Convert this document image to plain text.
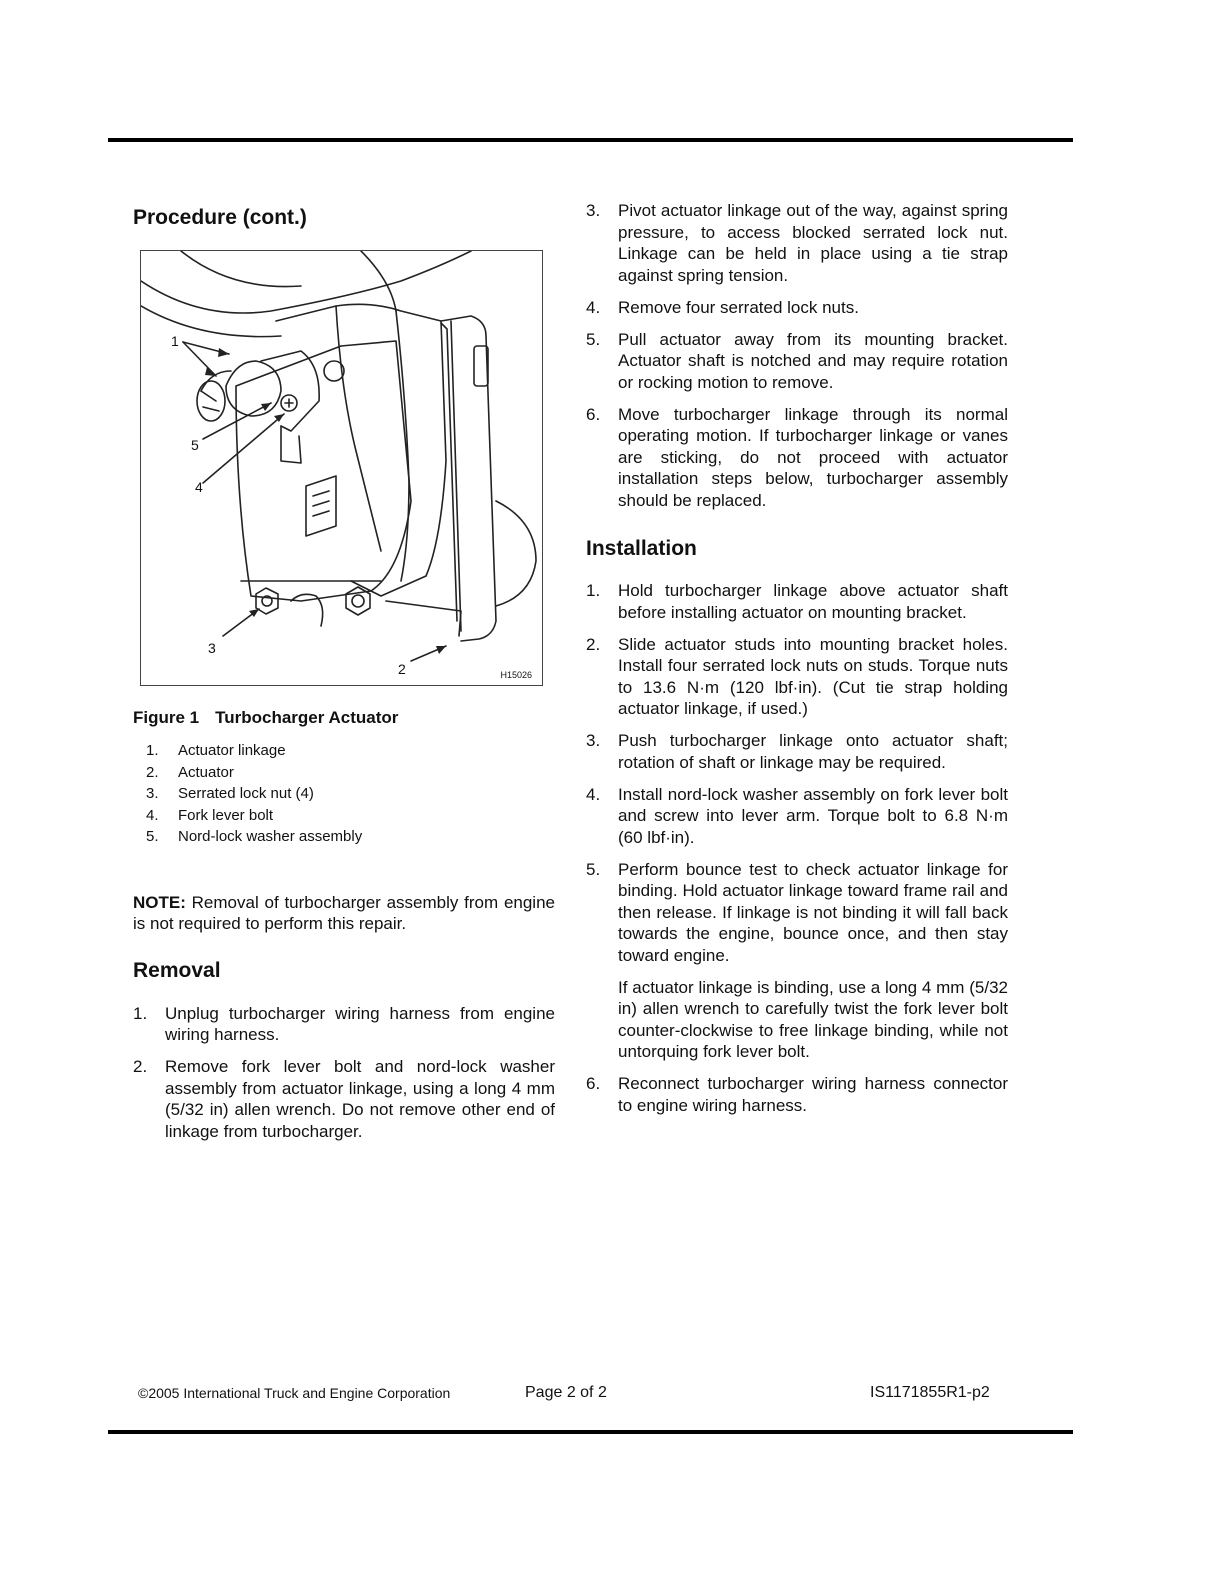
Procedure (cont.)
1
2
3
4
5
H15026
Figure 1 Turbocharger Actuator
1.	Actuator linkage
2.	Actuator
3.	Serrated lock nut (4)
4.	Fork lever bolt
5.	Nord-lock washer assembly

NOTE: Removal of turbocharger assembly from engine is not required to perform this repair.

Removal
1.	Unplug turbocharger wiring harness from engine wiring harness.
2.	Remove fork lever bolt and nord-lock washer assembly from actuator linkage, using a long 4 mm (5/32 in) allen wrench. Do not remove other end of linkage from turbocharger.
3.	Pivot actuator linkage out of the way, against spring pressure, to access blocked serrated lock nut. Linkage can be held in place using a tie strap against spring tension.
4.	Remove four serrated lock nuts.
5.	Pull actuator away from its mounting bracket. Actuator shaft is notched and may require rotation or rocking motion to remove.
6.	Move turbocharger linkage through its normal operating motion. If turbocharger linkage or vanes are sticking, do not proceed with actuator installation steps below, turbocharger assembly should be replaced.
Installation
1.	Hold turbocharger linkage above actuator shaft before installing actuator on mounting bracket.
2.	Slide actuator studs into mounting bracket holes. Install four serrated lock nuts on studs. Torque nuts to 13.6 N·m (120 lbf·in). (Cut tie strap holding actuator linkage, if used.)
3.	Push turbocharger linkage onto actuator shaft; rotation of shaft or linkage may be required.
4.	Install nord-lock washer assembly on fork lever bolt and screw into lever arm. Torque bolt to 6.8 N·m (60 lbf·in).
5.	Perform bounce test to check actuator linkage for binding. Hold actuator linkage toward frame rail and then release. If linkage is not binding it will fall back towards the engine, bounce once, and then stay toward engine.
If actuator linkage is binding, use a long 4 mm (5/32 in) allen wrench to carefully twist the fork lever bolt counter-clockwise to free linkage binding, while not untorquing fork lever bolt.
6.	Reconnect turbocharger wiring harness connector to engine wiring harness.
©2005 International Truck and Engine Corporation	Page 2 of 2	IS1171855R1-p2
